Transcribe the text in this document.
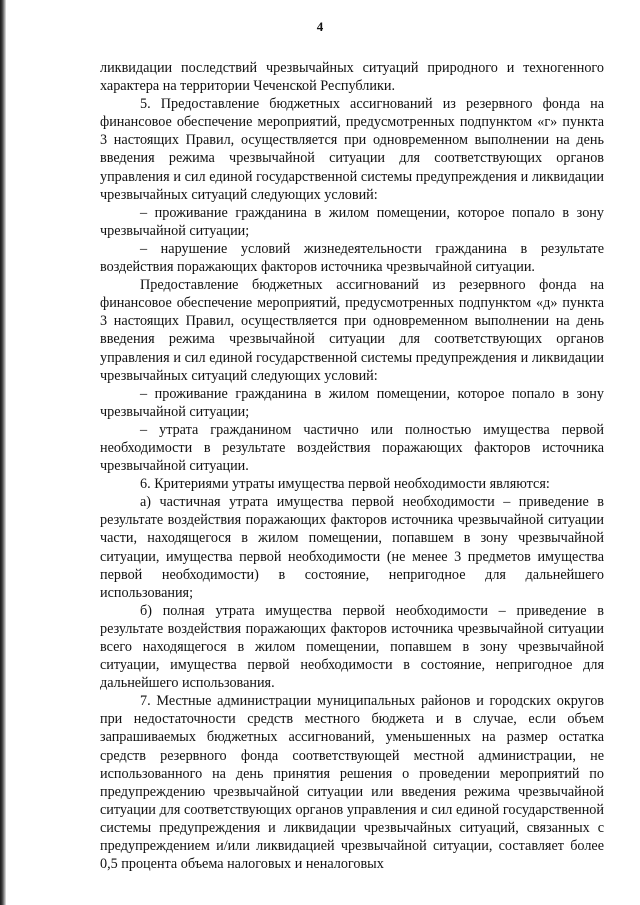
4

ликвидации последствий чрезвычайных ситуаций природного и техногенного характера на территории Чеченской Республики.

5. Предоставление бюджетных ассигнований из резервного фонда на финансовое обеспечение мероприятий, предусмотренных подпунктом «г» пункта 3 настоящих Правил, осуществляется при одновременном выполнении на день введения режима чрезвычайной ситуации для соответствующих органов управления и сил единой государственной системы предупреждения и ликвидации чрезвычайных ситуаций следующих условий:

– проживание гражданина в жилом помещении, которое попало в зону чрезвычайной ситуации;

– нарушение условий жизнедеятельности гражданина в результате воздействия поражающих факторов источника чрезвычайной ситуации.

Предоставление бюджетных ассигнований из резервного фонда на финансовое обеспечение мероприятий, предусмотренных подпунктом «д» пункта 3 настоящих Правил, осуществляется при одновременном выполнении на день введения режима чрезвычайной ситуации для соответствующих органов управления и сил единой государственной системы предупреждения и ликвидации чрезвычайных ситуаций следующих условий:

– проживание гражданина в жилом помещении, которое попало в зону чрезвычайной ситуации;

– утрата гражданином частично или полностью имущества первой необходимости в результате воздействия поражающих факторов источника чрезвычайной ситуации.

6. Критериями утраты имущества первой необходимости являются:

а) частичная утрата имущества первой необходимости – приведение в результате воздействия поражающих факторов источника чрезвычайной ситуации части, находящегося в жилом помещении, попавшем в зону чрезвычайной ситуации, имущества первой необходимости (не менее 3 предметов имущества первой необходимости) в состояние, непригодное для дальнейшего использования;

б) полная утрата имущества первой необходимости – приведение в результате воздействия поражающих факторов источника чрезвычайной ситуации всего находящегося в жилом помещении, попавшем в зону чрезвычайной ситуации, имущества первой необходимости в состояние, непригодное для дальнейшего использования.

7. Местные администрации муниципальных районов и городских округов при недостаточности средств местного бюджета и в случае, если объем запрашиваемых бюджетных ассигнований, уменьшенных на размер остатка средств резервного фонда соответствующей местной администрации, не использованного на день принятия решения о проведении мероприятий по предупреждению чрезвычайной ситуации или введения режима чрезвычайной ситуации для соответствующих органов управления и сил единой государственной системы предупреждения и ликвидации чрезвычайных ситуаций, связанных с предупреждением и/или ликвидацией чрезвычайной ситуации, составляет более 0,5 процента объема налоговых и неналоговых
